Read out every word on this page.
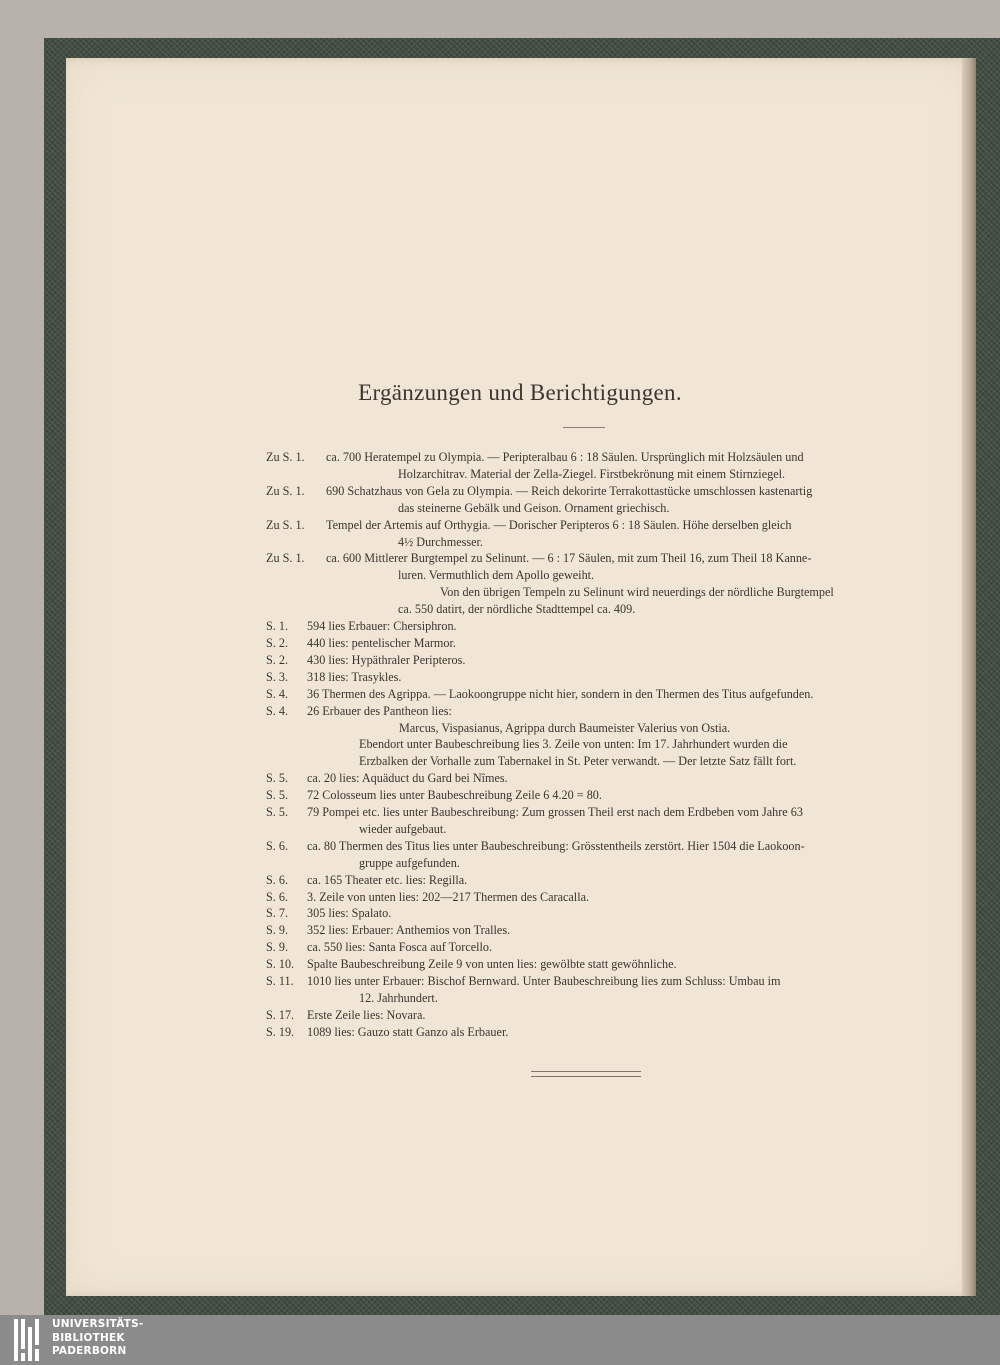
Ergänzungen und Berichtigungen.
Zu S. 1. ca. 700 Heratempel zu Olympia. — Peripteralbau 6 : 18 Säulen. Ursprünglich mit Holzsäulen und
Holzarchitrav. Material der Zella-Ziegel. Firstbekrönung mit einem Stirnziegel.
Zu S. 1. 690 Schatzhaus von Gela zu Olympia. — Reich dekorirte Terrakottastücke umschlossen kastenartig
das steinerne Gebälk und Geison. Ornament griechisch.
Zu S. 1. Tempel der Artemis auf Orthygia. — Dorischer Peripteros 6 : 18 Säulen. Höhe derselben gleich
4½ Durchmesser.
Zu S. 1. ca. 600 Mittlerer Burgtempel zu Selinunt. — 6 : 17 Säulen, mit zum Theil 16, zum Theil 18 Kanne-
luren. Vermuthlich dem Apollo geweiht.
Von den übrigen Tempeln zu Selinunt wird neuerdings der nördliche Burgtempel
ca. 550 datirt, der nördliche Stadttempel ca. 409.
S. 1. 594 lies Erbauer: Chersiphron.
S. 2. 440 lies: pentelischer Marmor.
S. 2. 430 lies: Hypäthraler Peripteros.
S. 3. 318 lies: Trasykles.
S. 4. 36 Thermen des Agrippa. — Laokoongruppe nicht hier, sondern in den Thermen des Titus aufgefunden.
S. 4. 26 Erbauer des Pantheon lies:
Marcus, Vispasianus, Agrippa durch Baumeister Valerius von Ostia.
Ebendort unter Baubeschreibung lies 3. Zeile von unten: Im 17. Jahrhundert wurden die
Erzbalken der Vorhalle zum Tabernakel in St. Peter verwandt. — Der letzte Satz fällt fort.
S. 5. ca. 20 lies: Aquäduct du Gard bei Nîmes.
S. 5. 72 Colosseum lies unter Baubeschreibung Zeile 6 4.20 = 80.
S. 5. 79 Pompei etc. lies unter Baubeschreibung: Zum grossen Theil erst nach dem Erdbeben vom Jahre 63
wieder aufgebaut.
S. 6. ca. 80 Thermen des Titus lies unter Baubeschreibung: Grösstentheils zerstört. Hier 1504 die Laokoon-
gruppe aufgefunden.
S. 6. ca. 165 Theater etc. lies: Regilla.
S. 6. 3. Zeile von unten lies: 202—217 Thermen des Caracalla.
S. 7. 305 lies: Spalato.
S. 9. 352 lies: Erbauer: Anthemios von Tralles.
S. 9. ca. 550 lies: Santa Fosca auf Torcello.
S. 10. Spalte Baubeschreibung Zeile 9 von unten lies: gewölbte statt gewöhnliche.
S. 11. 1010 lies unter Erbauer: Bischof Bernward. Unter Baubeschreibung lies zum Schluss: Umbau im
12. Jahrhundert.
S. 17. Erste Zeile lies: Novara.
S. 19. 1089 lies: Gauzo statt Ganzo als Erbauer.
UNIVERSITÄTS-
BIBLIOTHEK
PADERBORN
